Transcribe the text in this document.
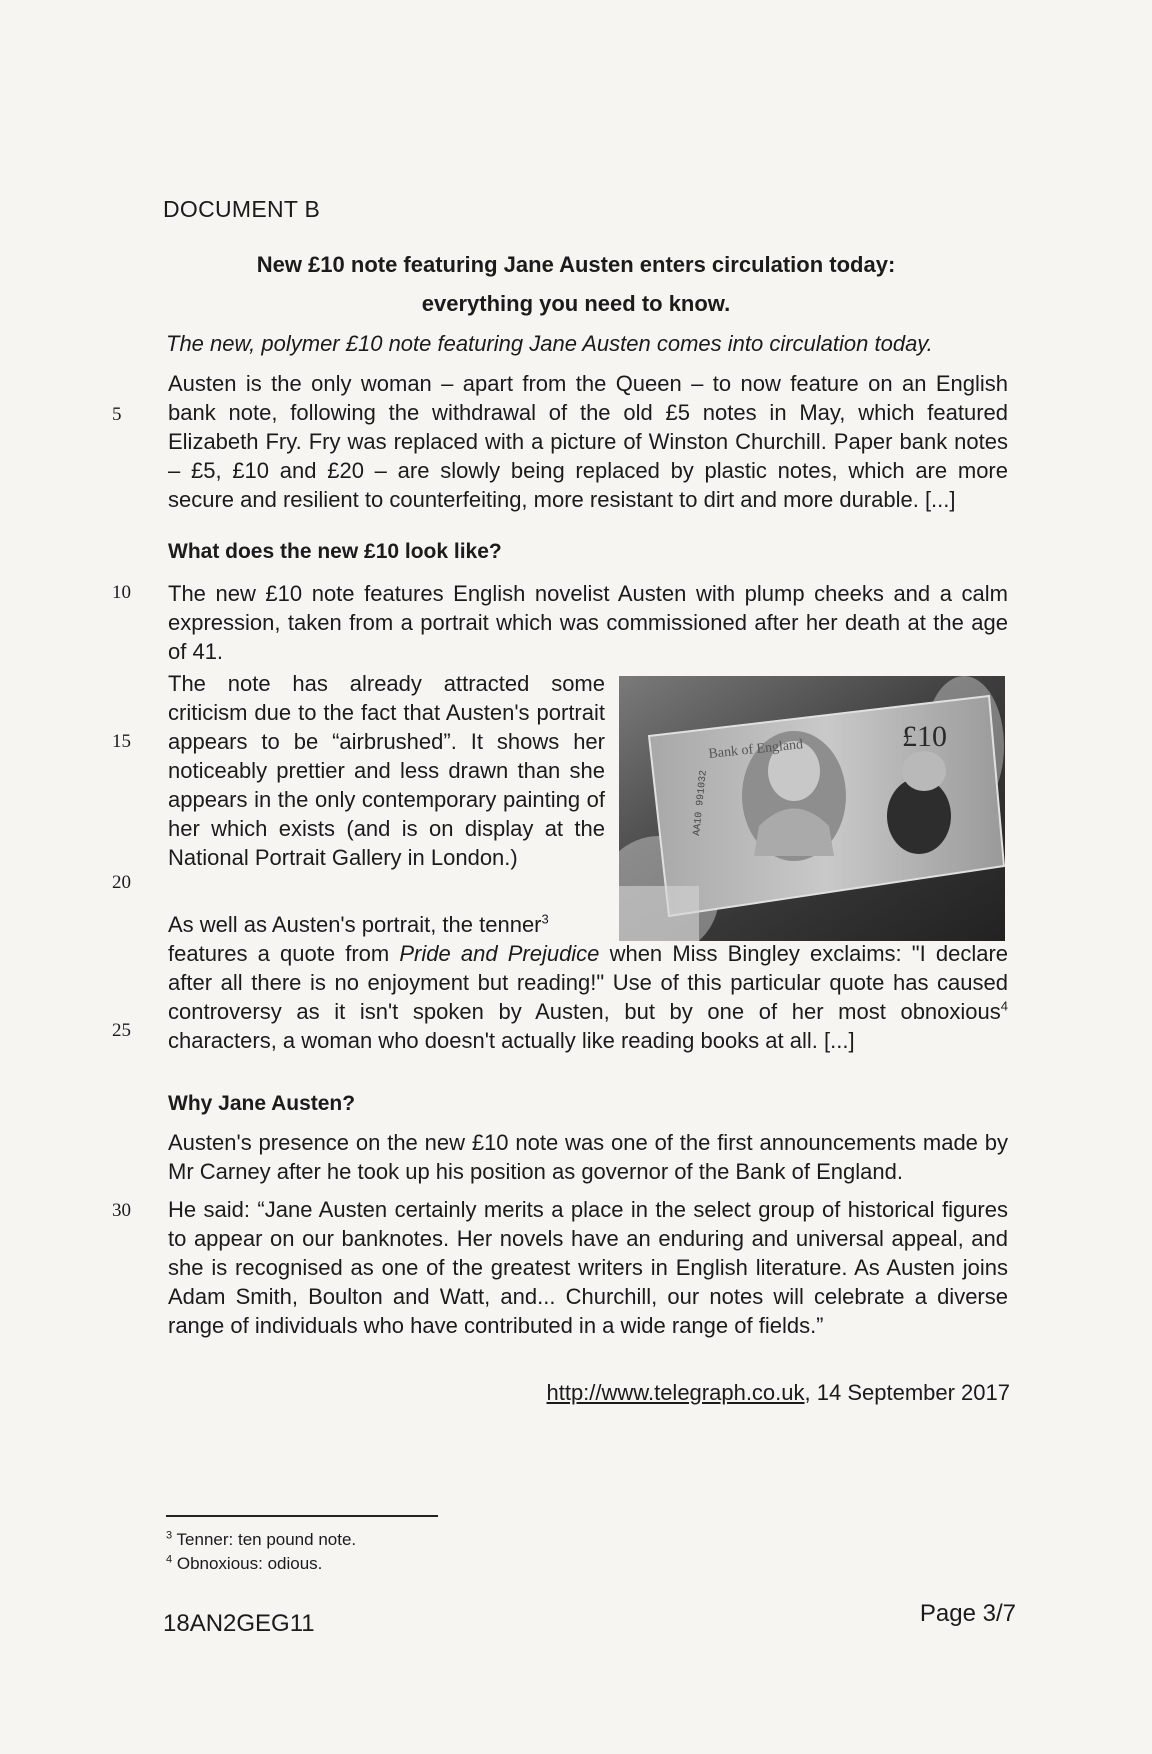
DOCUMENT B
New £10 note featuring Jane Austen enters circulation today:
everything you need to know.
The new, polymer £10 note featuring Jane Austen comes into circulation today.
Austen is the only woman – apart from the Queen – to now feature on an English bank note, following the withdrawal of the old £5 notes in May, which featured Elizabeth Fry. Fry was replaced with a picture of Winston Churchill. Paper bank notes – £5, £10 and £20 – are slowly being replaced by plastic notes, which are more secure and resilient to counterfeiting, more resistant to dirt and more durable. [...]
What does the new £10 look like?
The new £10 note features English novelist Austen with plump cheeks and a calm expression, taken from a portrait which was commissioned after her death at the age of 41.
The note has already attracted some criticism due to the fact that Austen's portrait appears to be “airbrushed”. It shows her noticeably prettier and less drawn than she appears in the only contemporary painting of her which exists (and is on display at the National Portrait Gallery in London.)
£10
Bank of England
AA10 991032
As well as Austen's portrait, the tenner$^3$
features a quote from Pride and Prejudice when Miss Bingley exclaims: "I declare after all there is no enjoyment but reading!" Use of this particular quote has caused controversy as it isn't spoken by Austen, but by one of her most obnoxious$^4$ characters, a woman who doesn't actually like reading books at all. [...]
Why Jane Austen?
Austen's presence on the new £10 note was one of the first announcements made by Mr Carney after he took up his position as governor of the Bank of England.
He said: “Jane Austen certainly merits a place in the select group of historical figures to appear on our banknotes. Her novels have an enduring and universal appeal, and she is recognised as one of the greatest writers in English literature. As Austen joins Adam Smith, Boulton and Watt, and... Churchill, our notes will celebrate a diverse range of individuals who have contributed in a wide range of fields.”
http://www.telegraph.co.uk, 14 September 2017
5
10
15
20
25
30
$^3$ Tenner: ten pound note.
$^4$ Obnoxious: odious.
18AN2GEG11	Page 3/7
